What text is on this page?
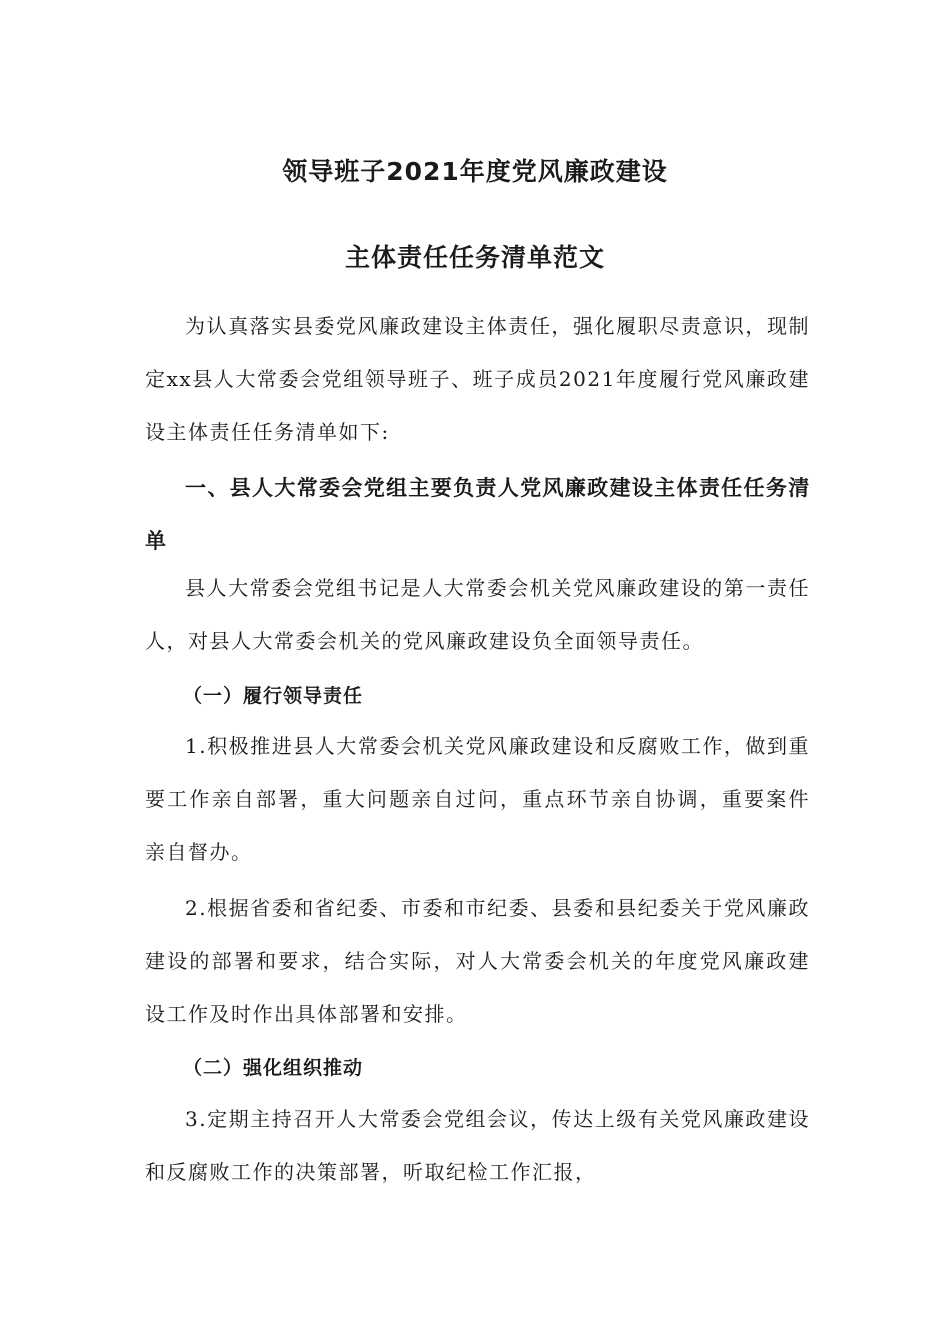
领导班子2021年度党风廉政建设
主体责任任务清单范文

为认真落实县委党风廉政建设主体责任，强化履职尽责意识，现制定xx县人大常委会党组领导班子、班子成员2021年度履行党风廉政建设主体责任任务清单如下:

一、县人大常委会党组主要负责人党风廉政建设主体责任任务清单

县人大常委会党组书记是人大常委会机关党风廉政建设的第一责任人，对县人大常委会机关的党风廉政建设负全面领导责任。

（一）履行领导责任

1.积极推进县人大常委会机关党风廉政建设和反腐败工作，做到重要工作亲自部署，重大问题亲自过问，重点环节亲自协调，重要案件亲自督办。

2.根据省委和省纪委、市委和市纪委、县委和县纪委关于党风廉政建设的部署和要求，结合实际，对人大常委会机关的年度党风廉政建设工作及时作出具体部署和安排。

（二）强化组织推动

3.定期主持召开人大常委会党组会议，传达上级有关党风廉政建设和反腐败工作的决策部署，听取纪检工作汇报，
